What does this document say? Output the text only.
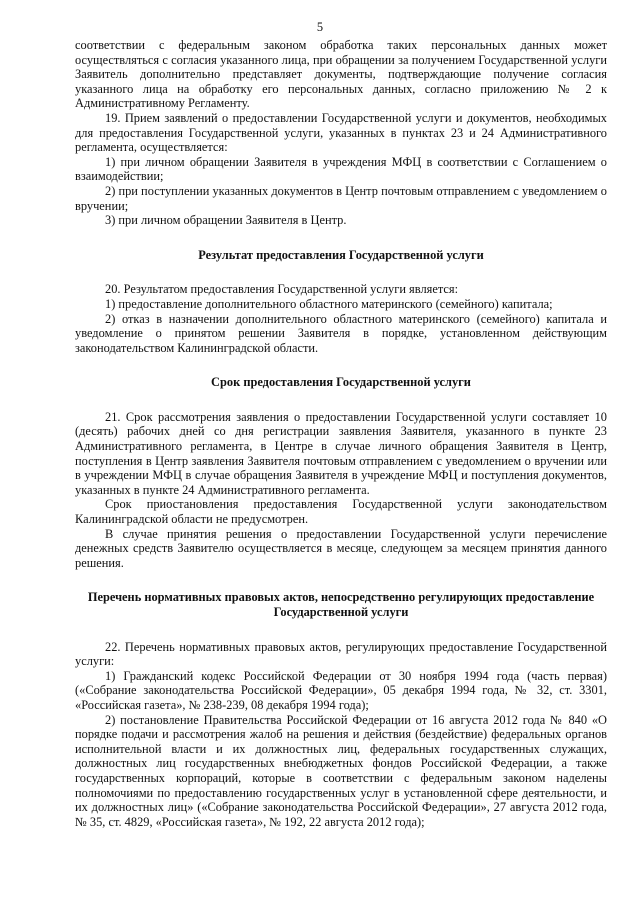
5

соответствии с федеральным законом обработка таких персональных данных может осуществляться с согласия указанного лица, при обращении за получением Государственной услуги Заявитель дополнительно представляет документы, подтверждающие получение согласия указанного лица на обработку его персональных данных, согласно приложению № 2 к Административному Регламенту.

19. Прием заявлений о предоставлении Государственной услуги и документов, необходимых для предоставления Государственной услуги, указанных в пунктах 23 и 24 Административного регламента, осуществляется:

1) при личном обращении Заявителя в учреждения МФЦ в соответствии с Соглашением о взаимодействии;

2) при поступлении указанных документов в Центр почтовым отправлением с уведомлением о вручении;

3) при личном обращении Заявителя в Центр.

Результат предоставления Государственной услуги

20. Результатом предоставления Государственной услуги является:

1) предоставление дополнительного областного материнского (семейного) капитала;

2) отказ в назначении дополнительного областного материнского (семейного) капитала и уведомление о принятом решении Заявителя в порядке, установленном действующим законодательством Калининградской области.

Срок предоставления Государственной услуги

21. Срок рассмотрения заявления о предоставлении Государственной услуги составляет 10 (десять) рабочих дней со дня регистрации заявления Заявителя, указанного в пункте 23 Административного регламента, в Центре в случае личного обращения Заявителя в Центр, поступления в Центр заявления Заявителя почтовым отправлением с уведомлением о вручении или в учреждении МФЦ в случае обращения Заявителя в учреждение МФЦ и поступления документов, указанных в пункте 24 Административного регламента.

Срок приостановления предоставления Государственной услуги законодательством Калининградской области не предусмотрен.

В случае принятия решения о предоставлении Государственной услуги перечисление денежных средств Заявителю осуществляется в месяце, следующем за месяцем принятия данного решения.

Перечень нормативных правовых актов, непосредственно регулирующих предоставление Государственной услуги

22. Перечень нормативных правовых актов, регулирующих предоставление Государственной услуги:

1) Гражданский кодекс Российской Федерации от 30 ноября 1994 года (часть первая) («Собрание законодательства Российской Федерации», 05 декабря 1994 года, № 32, ст. 3301, «Российская газета», № 238-239, 08 декабря 1994 года);

2) постановление Правительства Российской Федерации от 16 августа 2012 года № 840 «О порядке подачи и рассмотрения жалоб на решения и действия (бездействие) федеральных органов исполнительной власти и их должностных лиц, федеральных государственных служащих, должностных лиц государственных внебюджетных фондов Российской Федерации, а также государственных корпораций, которые в соответствии с федеральным законом наделены полномочиями по предоставлению государственных услуг в установленной сфере деятельности, и их должностных лиц» («Собрание законодательства Российской Федерации», 27 августа 2012 года, № 35, ст. 4829, «Российская газета», № 192, 22 августа 2012 года);
